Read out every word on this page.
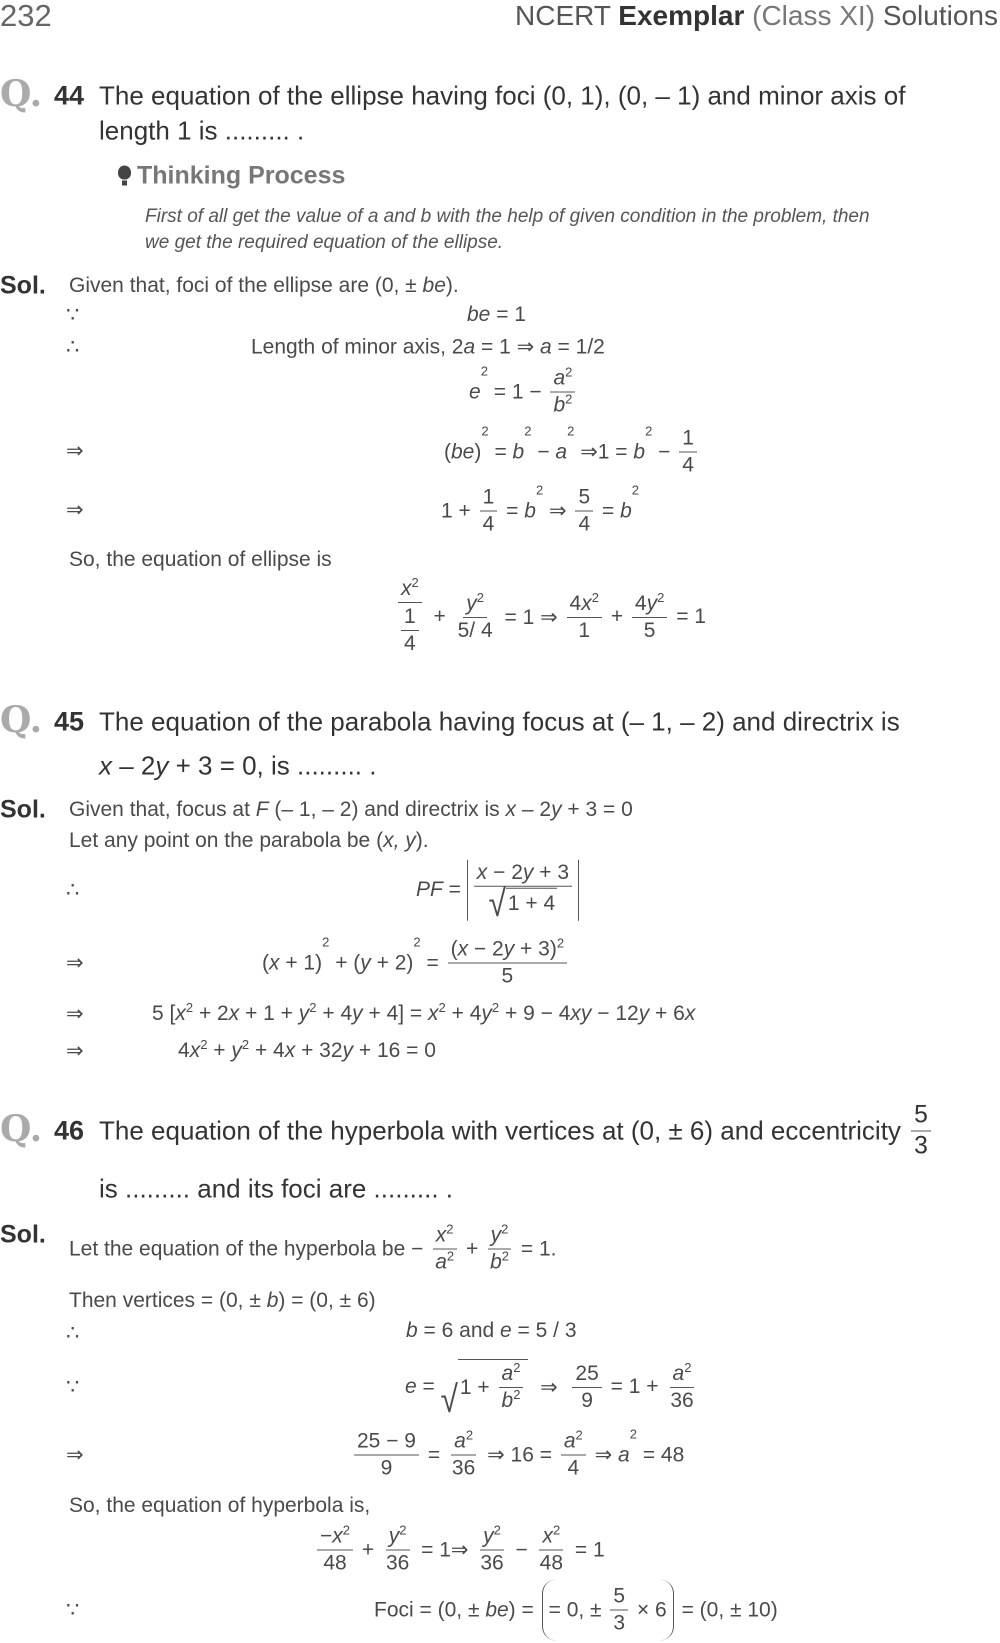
232	NCERT Exemplar (Class XI) Solutions
Q. 44 The equation of the ellipse having foci (0, 1), (0, – 1) and minor axis of
length 1 is ......... .
Thinking Process
First of all get the value of a and b with the help of given condition in the problem, then
we get the required equation of the ellipse.
Sol. Given that, foci of the ellipse are (0, ± be ).
∵	be = 1
∴	Length of minor axis, 2 a = 1 ⇒ a = 1/2
e
2
= $1 - \frac{a 2}{b 2}$
⇒	( be )
2
= b
2
− a
2
⇒1 = b
2
− $\frac{1}{4}$
⇒	$1 + \frac{1}{4} = b$
2
⇒ $\frac{5}{4} = b$
2
So, the equation of ellipse is
$\frac{x 2}{\frac{1}{4}} + \frac{y 2}{5/ 4} = 1$ ⇒ $\frac{4 x 2}{1} + \frac{4 y 2}{5} = 1$
Q. 45 The equation of the parabola having focus at (– 1, – 2) and directrix is
x – 2 y + 3 = 0, is ......... .
Sol. Given that, focus at F (– 1, – 2) and directrix is x – 2 y + 3 = 0
Let any point on the parabola be ( x, y ).
∴	PF = $\frac{x - 2 y + 3}{√ 1 + 4}$
⇒	( x + 1)
2
+ ( y + 2)
2
= $\frac{( x - 2 y + 3) 2}{5}$
⇒	5 [ x 2 + 2 x + 1 + y 2 + 4 y + 4] = x 2 + 4 y 2 + 9 − 4 xy − 12 y + 6 x
⇒	4 x 2 + y 2 + 4 x + 32 y + 16 = 0
Q. 46 The equation of the hyperbola with vertices at (0, ± 6) and eccentricity $\frac{5}{3}$
is ......... and its foci are ......... .
Sol. Let the equation of the hyperbola be − $\frac{x 2}{a 2} + \frac{y 2}{b 2} = 1$.
Then vertices = (0, ± b ) = (0, ± 6)
∴	b = 6 and e = 5 / 3
∵	e = √ $1 + \frac{a 2}{b 2}$ ⇒ $\frac{25}{9} = 1 + \frac{a 2}{36}$
⇒	$\frac{25 - 9}{9} = \frac{a 2}{36}$ ⇒ $16 = \frac{a 2}{4}$ ⇒ a
2
= 48
So, the equation of hyperbola is,
$\frac{- x 2}{48} + \frac{y 2}{36}$ = 1⇒ $\frac{y 2}{36} - \frac{x 2}{48} = 1$
∵	Foci = (0, ± be ) = = 0, ± $\frac{5}{3} \times 6 = (0$, ± 10)
